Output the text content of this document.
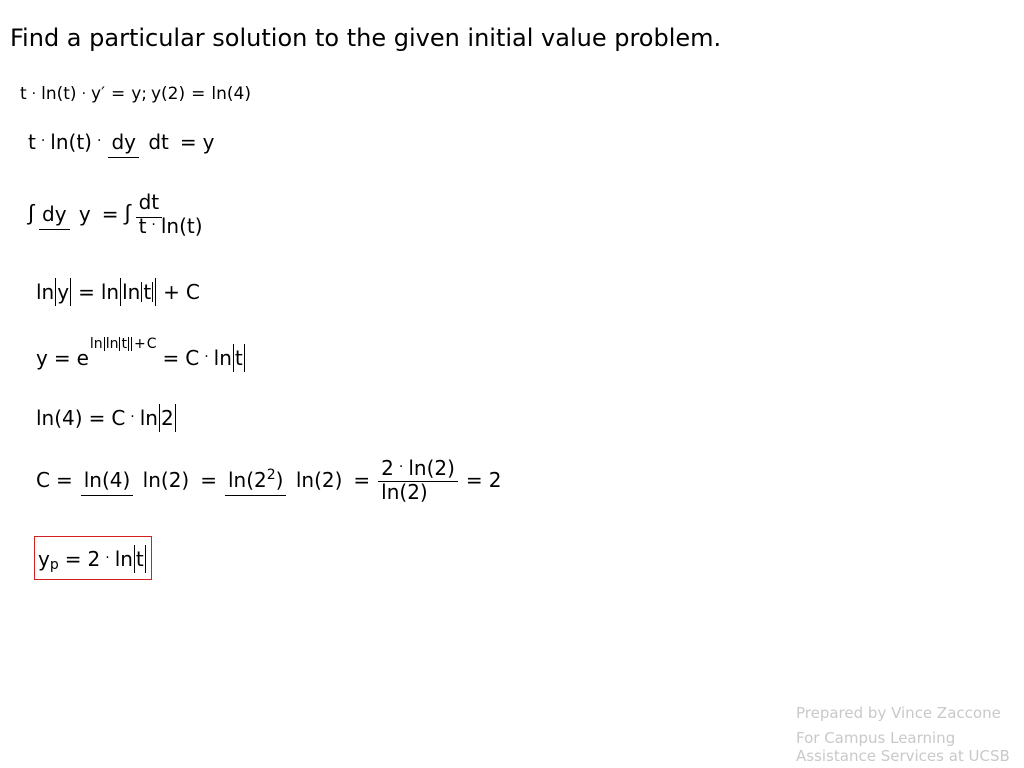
Find a particular solution to the given initial value problem.
t · ln(t) · y′ = y; y(2) = ln(4)
t · ln(t) · dy dt = y
∫ dy y = ∫ $\frac{dt}{t \cdot \ln(t)}$
ln y = ln ln t + C
y = e
ln ln t +C
= C · ln t
ln(4) = C · ln 2
C = ln(4) $\ln(2) = \ln(2^2) \ln(2) = \frac{2 \cdot \ln(2)}{\ln(2)} = 2$
$y_p = 2 \cdot \ln t$
Prepared by Vince Zaccone
For Campus Learning
Assistance Services at UCSB
